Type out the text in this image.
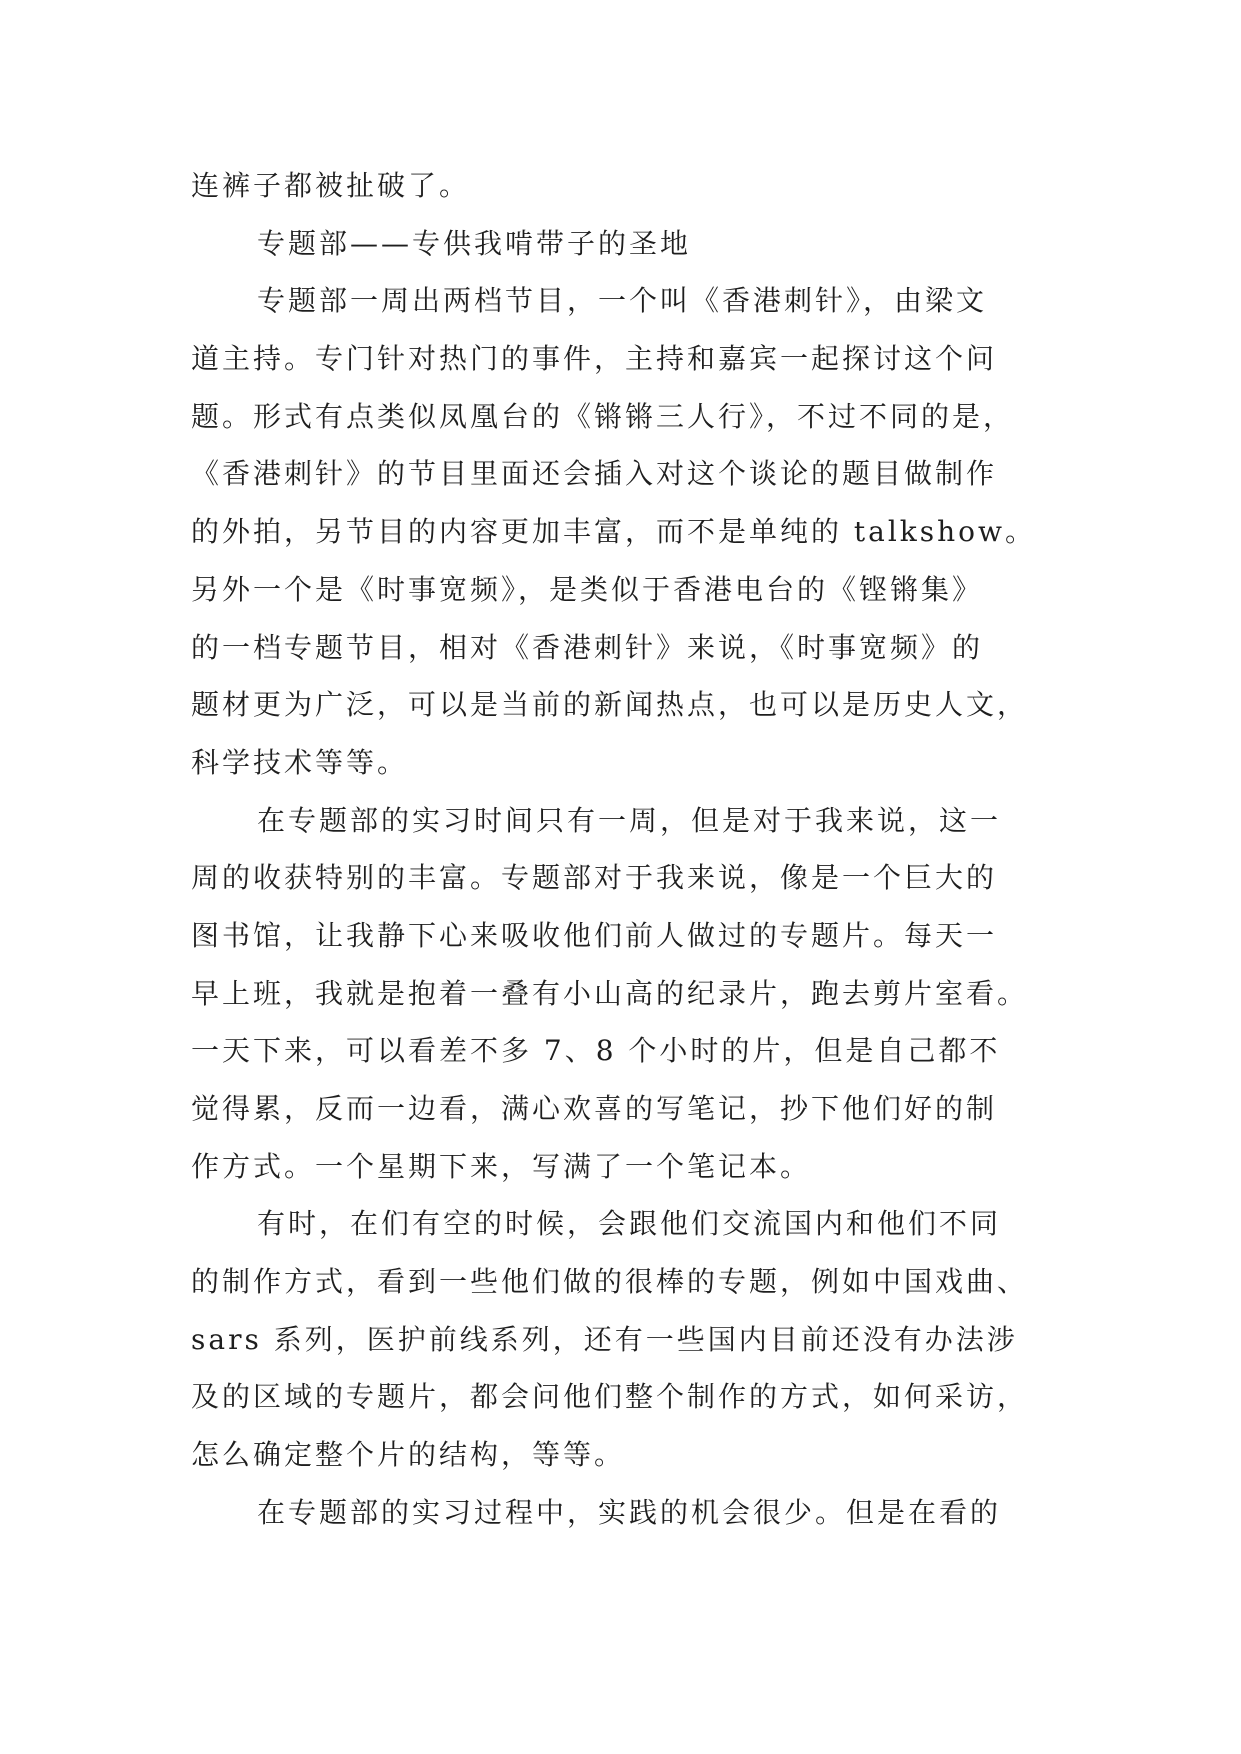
连裤子都被扯破了。
专题部——专供我啃带子的圣地
专题部一周出两档节目，一个叫《香港刺针》，由梁文
道主持。专门针对热门的事件，主持和嘉宾一起探讨这个问
题。形式有点类似凤凰台的《锵锵三人行》，不过不同的是，
《香港刺针》的节目里面还会插入对这个谈论的题目做制作
的外拍，另节目的内容更加丰富，而不是单纯的 talkshow。
另外一个是《时事宽频》，是类似于香港电台的《铿锵集》
的一档专题节目，相对《香港刺针》来说，《时事宽频》的
题材更为广泛，可以是当前的新闻热点，也可以是历史人文，
科学技术等等。
在专题部的实习时间只有一周，但是对于我来说，这一
周的收获特别的丰富。专题部对于我来说，像是一个巨大的
图书馆，让我静下心来吸收他们前人做过的专题片。每天一
早上班，我就是抱着一叠有小山高的纪录片，跑去剪片室看。
一天下来，可以看差不多 7、8 个小时的片，但是自己都不
觉得累，反而一边看，满心欢喜的写笔记，抄下他们好的制
作方式。一个星期下来，写满了一个笔记本。
有时，在们有空的时候，会跟他们交流国内和他们不同
的制作方式，看到一些他们做的很棒的专题，例如中国戏曲、
sars 系列，医护前线系列，还有一些国内目前还没有办法涉
及的区域的专题片，都会问他们整个制作的方式，如何采访，
怎么确定整个片的结构，等等。
在专题部的实习过程中，实践的机会很少。但是在看的
